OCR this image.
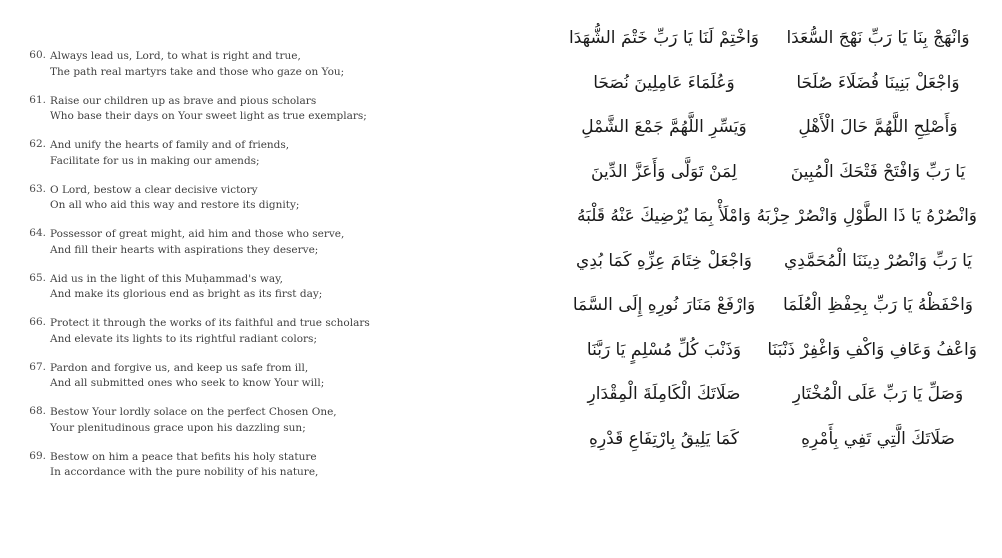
60. Always lead us, Lord, to what is right and true,
The path real martyrs take and those who gaze on You;
61. Raise our children up as brave and pious scholars
Who base their days on Your sweet light as true exemplars;
62. And unify the hearts of family and of friends,
Facilitate for us in making our amends;
63. O Lord, bestow a clear decisive victory
On all who aid this way and restore its dignity;
64. Possessor of great might, aid him and those who serve,
And fill their hearts with aspirations they deserve;
65. Aid us in the light of this Muḥammad's way,
And make its glorious end as bright as its first day;
66. Protect it through the works of its faithful and true scholars
And elevate its lights to its rightful radiant colors;
67. Pardon and forgive us, and keep us safe from ill,
And all submitted ones who seek to know Your will;
68. Bestow Your lordly solace on the perfect Chosen One,
Your plenitudinous grace upon his dazzling sun;
69. Bestow on him a peace that befits his holy stature
In accordance with the pure nobility of his nature,
وَانْهَجْ بِنَا يَا رَبِّ نَهْجَ السُّعَدَا
وَاخْتِمْ لَنَا يَا رَبِّ خَتْمَ الشُّهَدَا
وَاجْعَلْ بَنِينَا فُضَلَاءَ صُلَحَا
وَعُلَمَاءَ عَامِلِينَ نُصَحَا
وَأَصْلِحِ اللَّهُمَّ حَالَ الْأَهْلِ
وَيَسِّرِ اللَّهُمَّ جَمْعَ الشَّمْلِ
يَا رَبِّ وَافْتَحْ فَتْحَكَ الْمُبِينَ
لِمَنْ تَوَلَّى وَأَعَزَّ الدِّينَ
وَانْصُرْهُ يَا ذَا الطَّوْلِ وَانْصُرْ حِزْبَهُ
وَامْلَأْ بِمَا يُرْضِيكَ عَنْهُ قَلْبَهُ
يَا رَبِّ وَانْصُرْ دِينَنَا الْمُحَمَّدِي
وَاجْعَلْ خِتَامَ عِزِّهِ كَمَا بُدِي
وَاحْفَظْهُ يَا رَبِّ بِحِفْظِ الْعُلَمَا
وَارْفَعْ مَنَارَ نُورِهِ إِلَى السَّمَا
وَاعْفُ وَعَافِ وَاكْفِ وَاغْفِرْ ذَنْبَنَا
وَذَنْبَ كُلِّ مُسْلِمٍ يَا رَبَّنَا
وَصَلِّ يَا رَبِّ عَلَى الْمُخْتَارِ
صَلَاتَكَ الْكَامِلَةَ الْمِقْدَارِ
صَلَاتَكَ الَّتِي تَفِي بِأَمْرِهِ
كَمَا يَلِيقُ بِارْتِفَاعِ قَدْرِهِ
